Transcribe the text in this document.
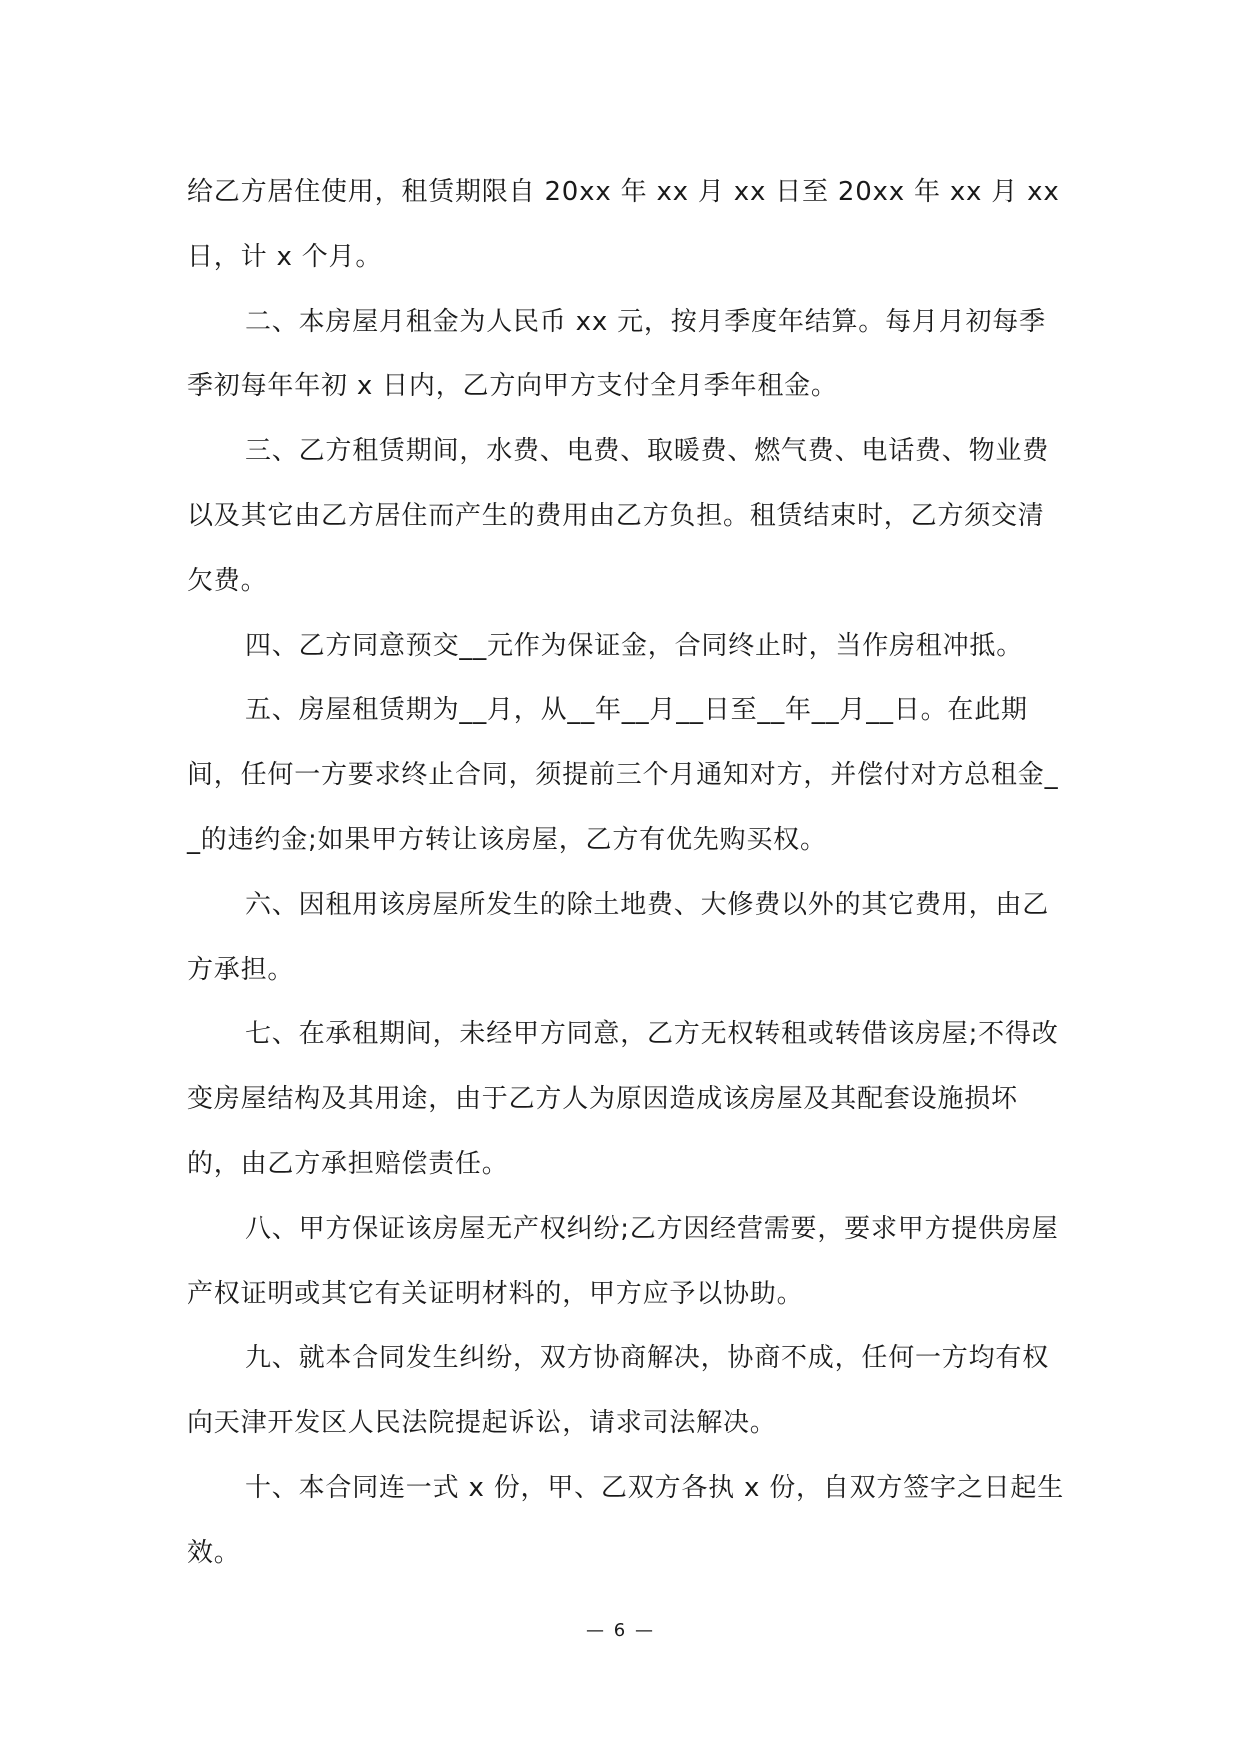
给乙方居住使用，租赁期限自 20xx 年 xx 月 xx 日至 20xx 年 xx 月 xx 日，计 x 个月。

二、本房屋月租金为人民币 xx 元，按月季度年结算。每月月初每季季初每年年初 x 日内，乙方向甲方支付全月季年租金。

三、乙方租赁期间，水费、电费、取暖费、燃气费、电话费、物业费以及其它由乙方居住而产生的费用由乙方负担。租赁结束时，乙方须交清欠费。

四、乙方同意预交__元作为保证金，合同终止时，当作房租冲抵。

五、房屋租赁期为__月，从__年__月__日至__年__月__日。在此期间，任何一方要求终止合同，须提前三个月通知对方，并偿付对方总租金__的违约金;如果甲方转让该房屋，乙方有优先购买权。

六、因租用该房屋所发生的除土地费、大修费以外的其它费用，由乙方承担。

七、在承租期间，未经甲方同意，乙方无权转租或转借该房屋;不得改变房屋结构及其用途，由于乙方人为原因造成该房屋及其配套设施损坏的，由乙方承担赔偿责任。

八、甲方保证该房屋无产权纠纷;乙方因经营需要，要求甲方提供房屋产权证明或其它有关证明材料的，甲方应予以协助。

九、就本合同发生纠纷，双方协商解决，协商不成，任何一方均有权向天津开发区人民法院提起诉讼，请求司法解决。

十、本合同连一式 x 份，甲、乙双方各执 x 份，自双方签字之日起生效。

— 6 —
